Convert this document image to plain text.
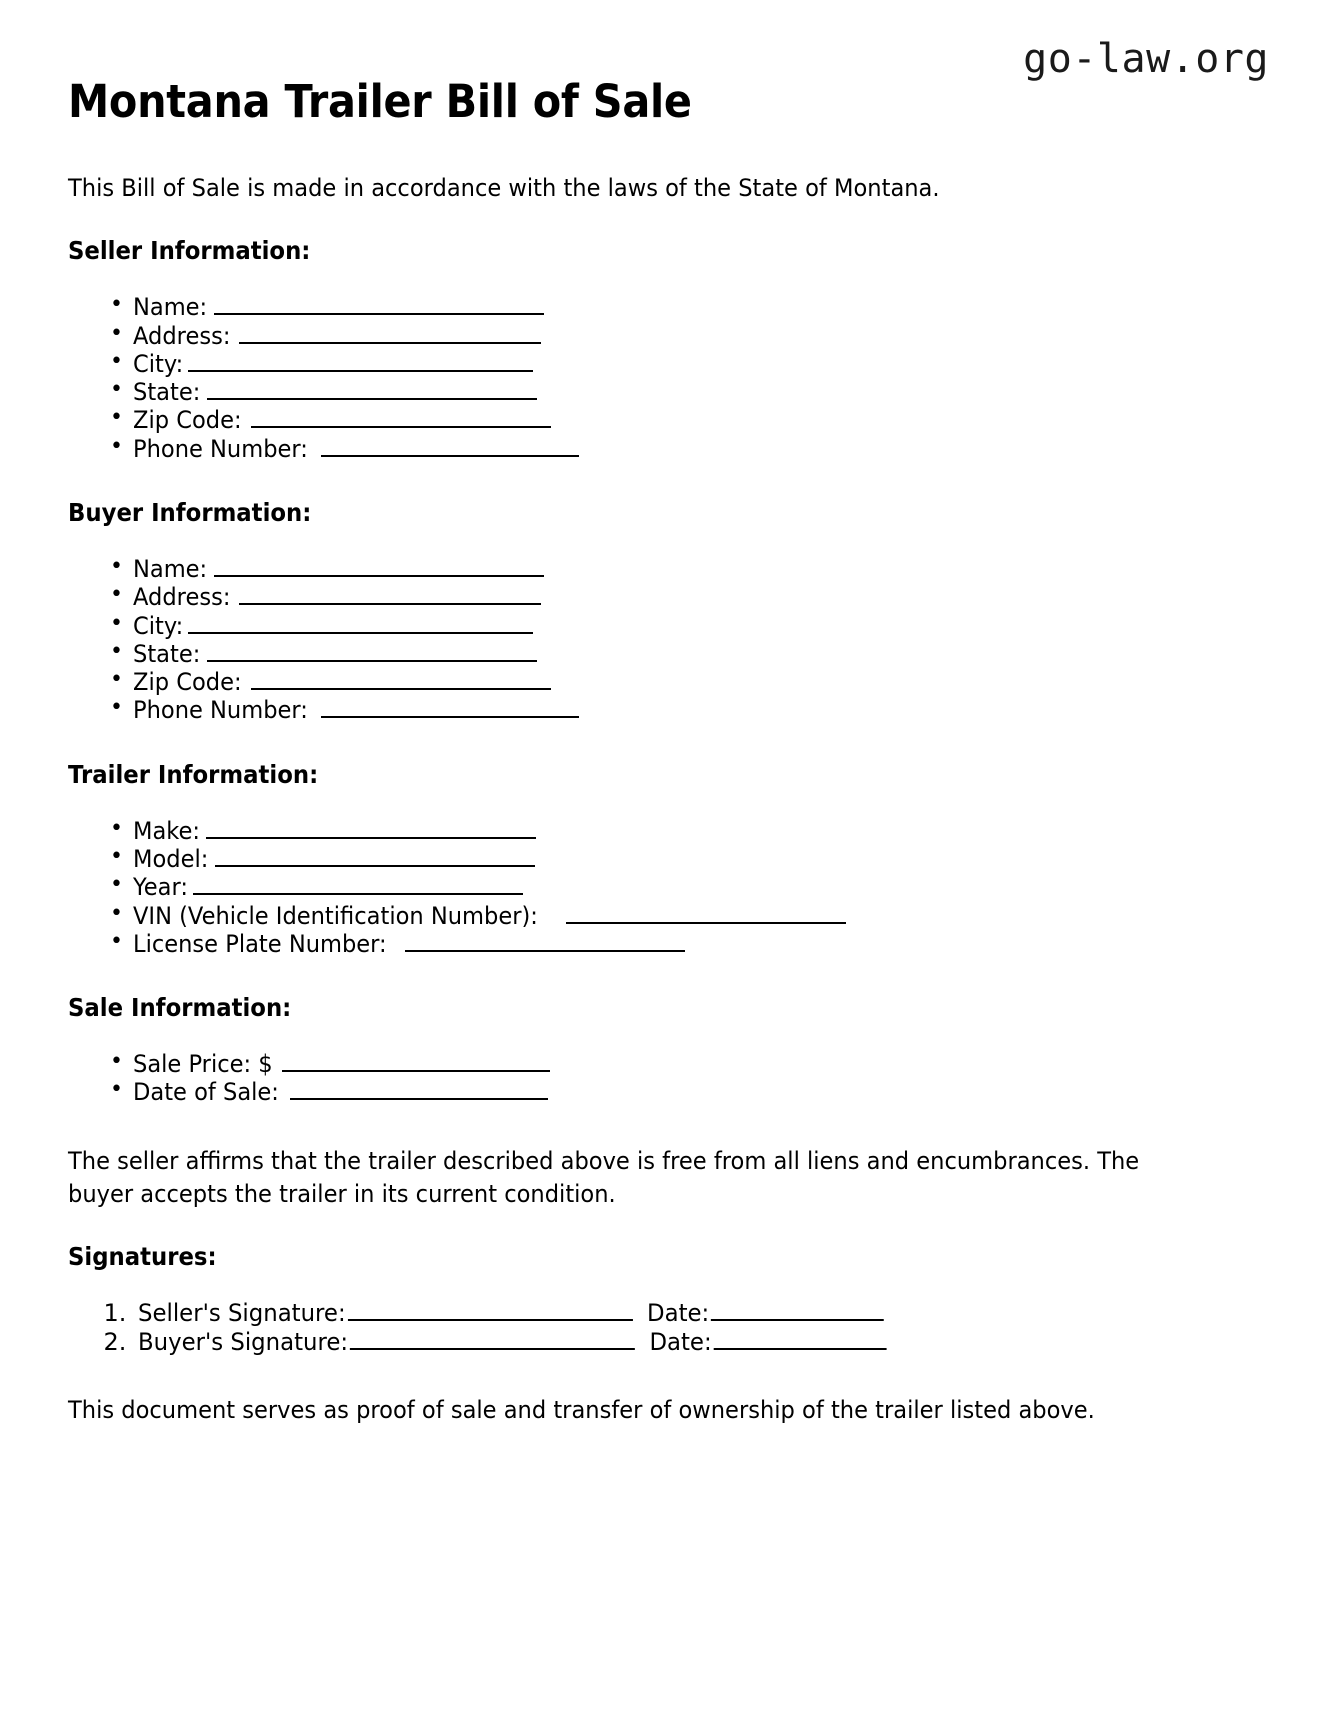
go-law.org
Montana Trailer Bill of Sale

This Bill of Sale is made in accordance with the laws of the State of Montana.

Seller Information:
• Name:
• Address:
• City:
• State:
• Zip Code:
• Phone Number:
Buyer Information:
• Name:
• Address:
• City:
• State:
• Zip Code:
• Phone Number:
Trailer Information:
• Make:
• Model:
• Year:
• VIN (Vehicle Identification Number):
• License Plate Number:
Sale Information:
• Sale Price: $
• Date of Sale:

The seller affirms that the trailer described above is free from all liens and encumbrances. The buyer accepts the trailer in its current condition.

Signatures:
1. Seller's Signature:	Date:
2. Buyer's Signature:	Date:

This document serves as proof of sale and transfer of ownership of the trailer listed above.
